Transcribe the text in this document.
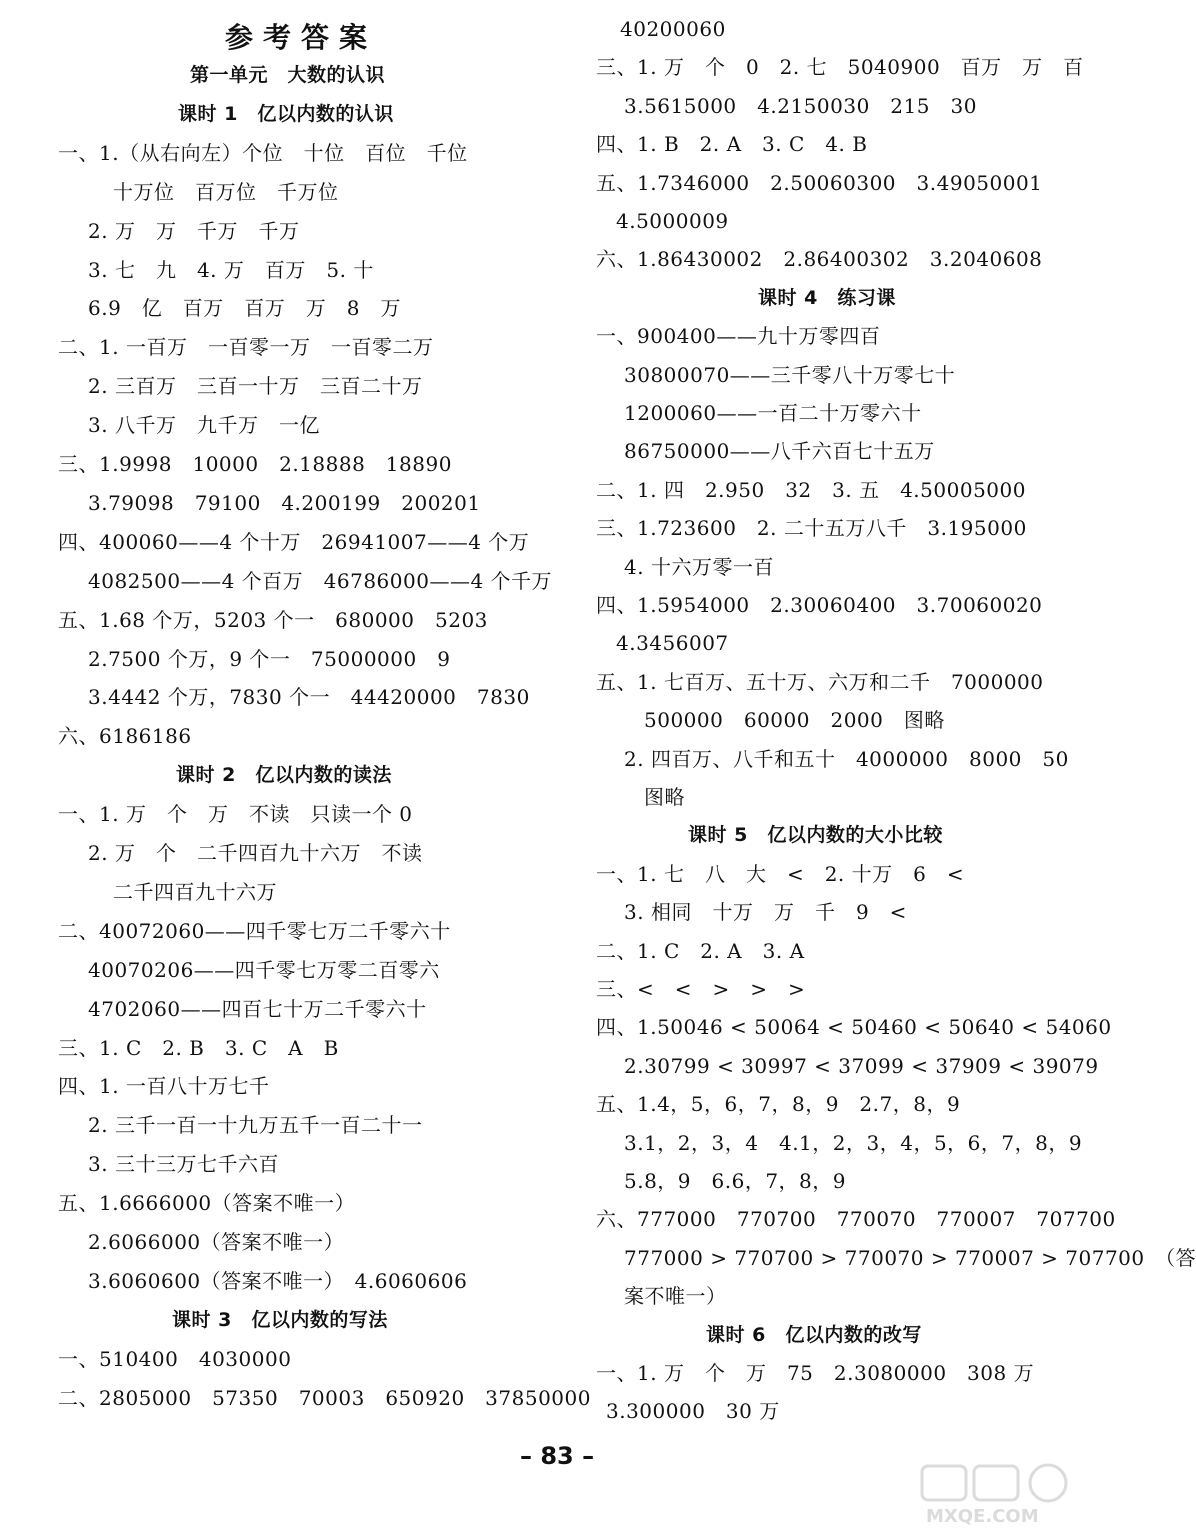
参考答案
第一单元　大数的认识
课时 1　亿以内数的认识
一、1.（从右向左）个位　十位　百位　千位
十万位　百万位　千万位
2. 万　万　千万　千万
3. 七　九　4. 万　百万　5. 十
6.9　亿　百万　百万　万　8　万
二、1. 一百万　一百零一万　一百零二万
2. 三百万　三百一十万　三百二十万
3. 八千万　九千万　一亿
三、1.9998　10000　2.18888　18890
3.79098　79100　4.200199　200201
四、400060——4 个十万　26941007——4 个万
4082500——4 个百万　46786000——4 个千万
五、1.68 个万，5203 个一　680000　5203
2.7500 个万，9 个一　75000000　9
3.4442 个万，7830 个一　44420000　7830
六、6186186
课时 2　亿以内数的读法
一、1. 万　个　万　不读　只读一个 0
2. 万　个　二千四百九十六万　不读
二千四百九十六万
二、40072060——四千零七万二千零六十
40070206——四千零七万零二百零六
4702060——四百七十万二千零六十
三、1. C　2. B　3. C　A　B
四、1. 一百八十万七千
2. 三千一百一十九万五千一百二十一
3. 三十三万七千六百
五、1.6666000（答案不唯一）
2.6066000（答案不唯一）
3.6060600（答案不唯一）　4.6060606
课时 3　亿以内数的写法
一、510400　4030000
二、2805000　57350　70003　650920　37850000
40200060
三、1. 万　个　0　2. 七　5040900　百万　万　百
3.5615000　4.2150030　215　30
四、1. B　2. A　3. C　4. B
五、1.7346000　2.50060300　3.49050001
4.5000009
六、1.86430002　2.86400302　3.2040608
课时 4　练习课
一、900400——九十万零四百
30800070——三千零八十万零七十
1200060——一百二十万零六十
86750000——八千六百七十五万
二、1. 四　2.950　32　3. 五　4.50005000
三、1.723600　2. 二十五万八千　3.195000
4. 十六万零一百
四、1.5954000　2.30060400　3.70060020
4.3456007
五、1. 七百万、五十万、六万和二千　7000000
500000　60000　2000　图略
2. 四百万、八千和五十　4000000　8000　50
图略
课时 5　亿以内数的大小比较
一、1. 七　八　大　<　2. 十万　6　<
3. 相同　十万　万　千　9　<
二、1. C　2. A　3. A
三、<　<　>　>　>
四、1.50046 < 50064 < 50460 < 50640 < 54060
2.30799 < 30997 < 37099 < 37909 < 39079
五、1.4，5，6，7，8，9　2.7，8，9
3.1，2，3，4　4.1，2，3，4，5，6，7，8，9
5.8，9　6.6，7，8，9
六、777000　770700　770070　770007　707700
777000 > 770700 > 770070 > 770007 > 707700　（答
案不唯一）
课时 6　亿以内数的改写
一、1. 万　个　万　75　2.3080000　308 万
3.300000　30 万
– 83 –
MXQE.COM
